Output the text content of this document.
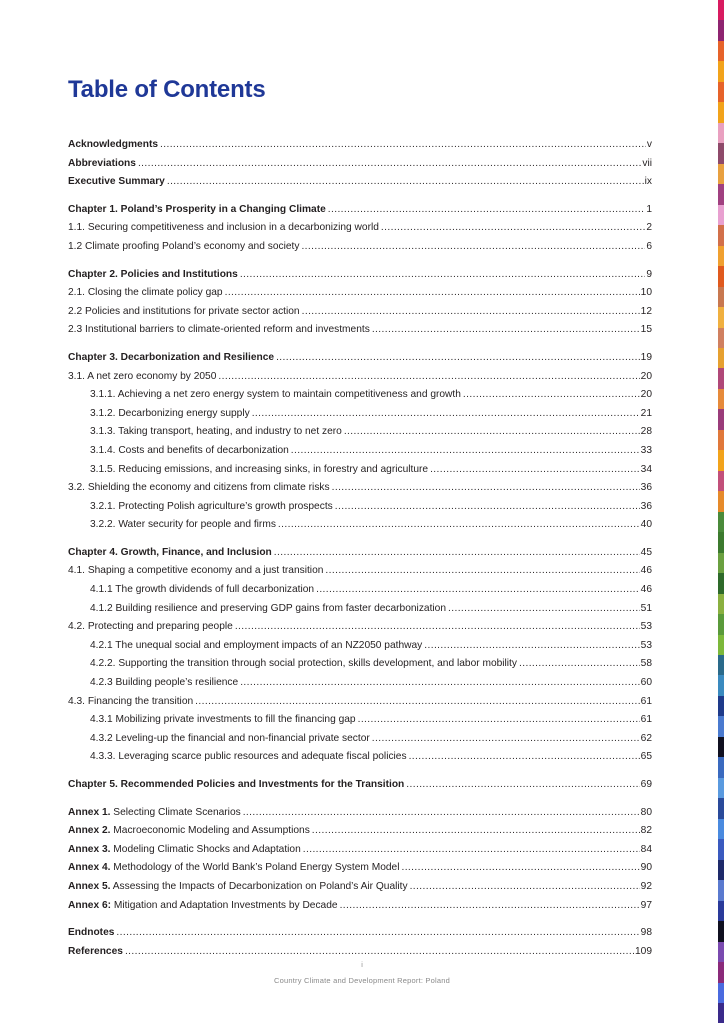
Table of Contents
Acknowledgments .....	v
Abbreviations .....	vii
Executive Summary .....	ix
Chapter 1. Poland’s Prosperity in a Changing Climate .....	1
1.1. Securing competitiveness and inclusion in a decarbonizing world .....	2
1.2 Climate proofing Poland’s economy and society .....	6
Chapter 2. Policies and Institutions .....	9
2.1. Closing the climate policy gap .....	10
2.2 Policies and institutions for private sector action .....	12
2.3 Institutional barriers to climate-oriented reform and investments .....	15
Chapter 3. Decarbonization and Resilience .....	19
3.1. A net zero economy by 2050 .....	20
3.1.1. Achieving a net zero energy system to maintain competitiveness and growth .....	20
3.1.2. Decarbonizing energy supply .....	21
3.1.3. Taking transport, heating, and industry to net zero .....	28
3.1.4. Costs and benefits of decarbonization .....	33
3.1.5. Reducing emissions, and increasing sinks, in forestry and agriculture .....	34
3.2. Shielding the economy and citizens from climate risks .....	36
3.2.1. Protecting Polish agriculture’s growth prospects .....	36
3.2.2. Water security for people and firms .....	40
Chapter 4. Growth, Finance, and Inclusion .....	45
4.1. Shaping a competitive economy and a just transition .....	46
4.1.1 The growth dividends of full decarbonization .....	46
4.1.2 Building resilience and preserving GDP gains from faster decarbonization .....	51
4.2. Protecting and preparing people .....	53
4.2.1 The unequal social and employment impacts of an NZ2050 pathway .....	53
4.2.2. Supporting the transition through social protection, skills development, and labor mobility .....	58
4.2.3 Building people’s resilience .....	60
4.3. Financing the transition .....	61
4.3.1 Mobilizing private investments to fill the financing gap .....	61
4.3.2 Leveling-up the financial and non-financial private sector .....	62
4.3.3. Leveraging scarce public resources and adequate fiscal policies .....	65
Chapter 5. Recommended Policies and Investments for the Transition .....	69
Annex 1. Selecting Climate Scenarios .....	80
Annex 2. Macroeconomic Modeling and Assumptions .....	82
Annex 3. Modeling Climatic Shocks and Adaptation .....	84
Annex 4. Methodology of the World Bank’s Poland Energy System Model .....	90
Annex 5. Assessing the Impacts of Decarbonization on Poland’s Air Quality .....	92
Annex 6: Mitigation and Adaptation Investments by Decade .....	97
Endnotes .....	98
References .....	109
i
Country Climate and Development Report: Poland
